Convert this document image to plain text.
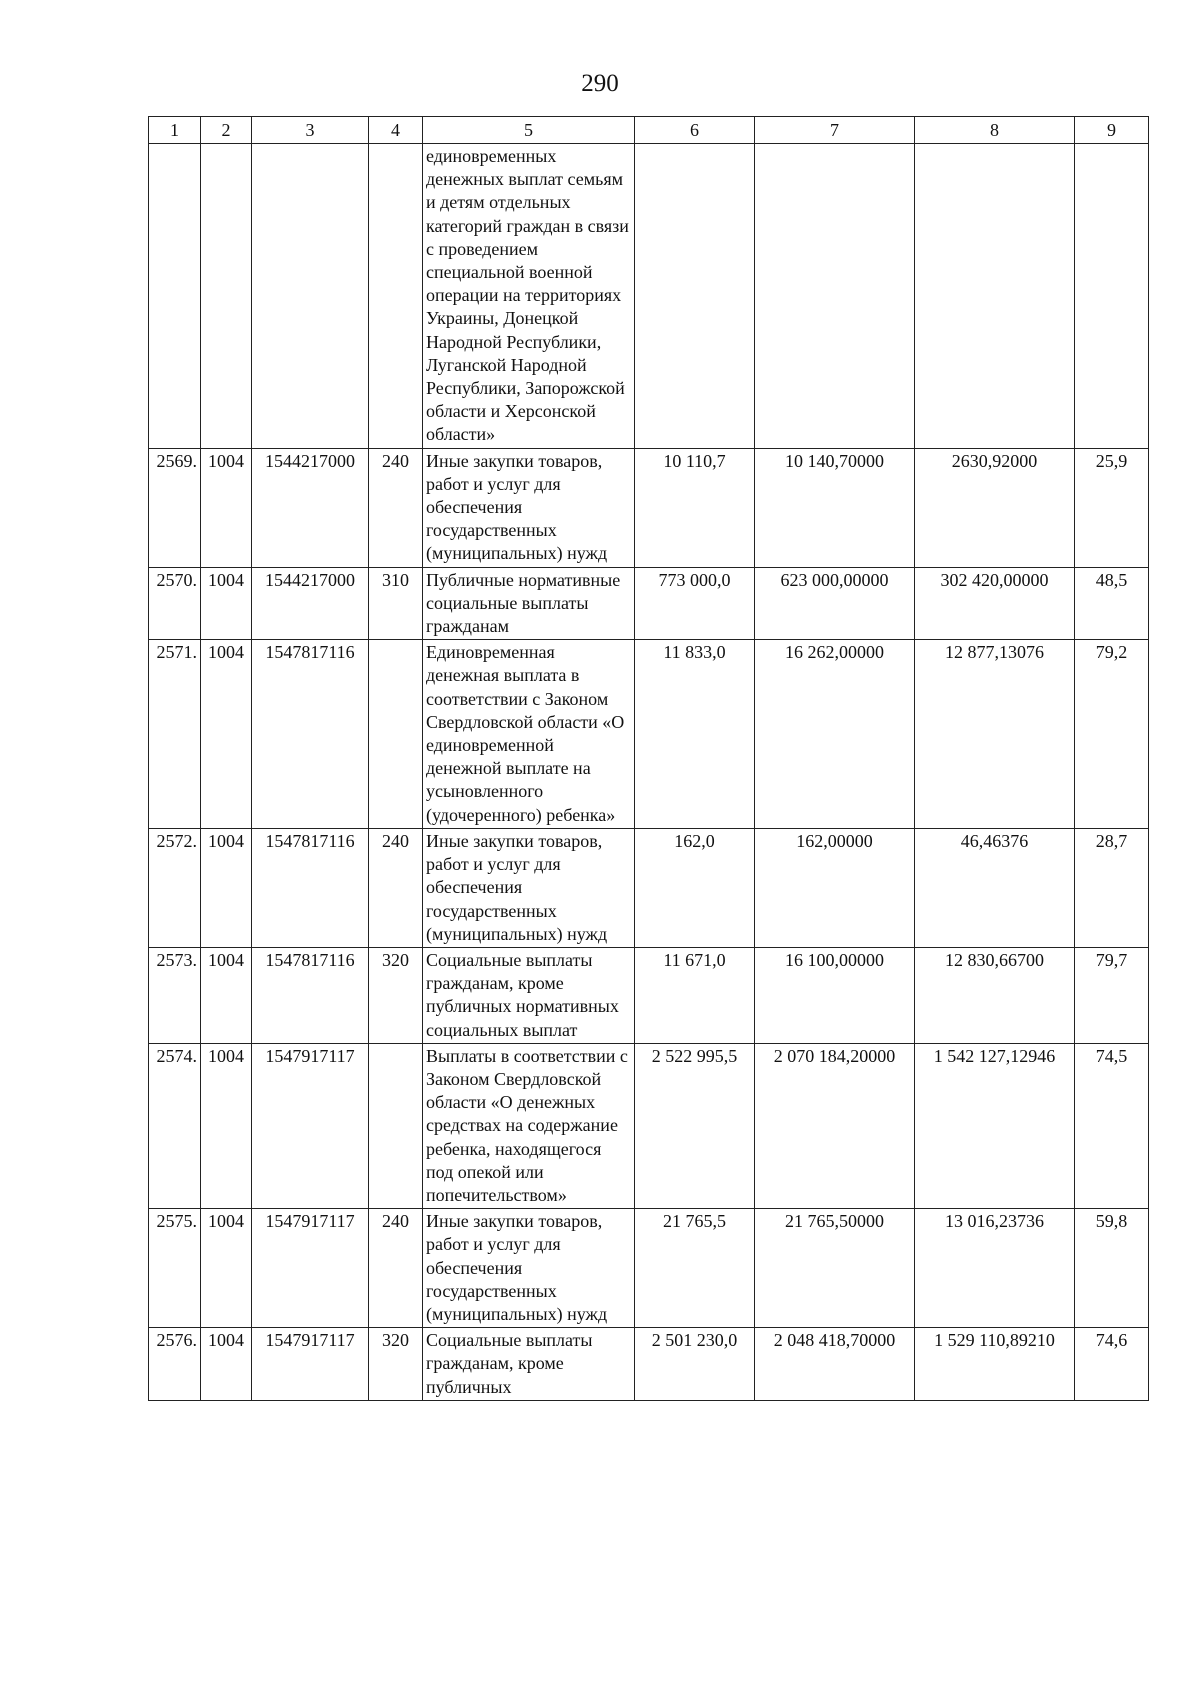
290
1	2	3	4	5	6	7	8	9
				единовременных денежных выплат семьям и детям отдельных категорий граждан в связи с проведением специальной военной операции на территориях Украины, Донецкой Народной Республики, Луганской Народной Республики, Запорожской области и Херсонской области»				
2569.	1004	1544217000	240	Иные закупки товаров, работ и услуг для обеспечения государственных (муниципальных) нужд	10 110,7	10 140,70000	2630,92000	25,9
2570.	1004	1544217000	310	Публичные нормативные социальные выплаты гражданам	773 000,0	623 000,00000	302 420,00000	48,5
2571.	1004	1547817116		Единовременная денежная выплата в соответствии с Законом Свердловской области «О единовременной денежной выплате на усыновленного (удочеренного) ребенка»	11 833,0	16 262,00000	12 877,13076	79,2
2572.	1004	1547817116	240	Иные закупки товаров, работ и услуг для обеспечения государственных (муниципальных) нужд	162,0	162,00000	46,46376	28,7
2573.	1004	1547817116	320	Социальные выплаты гражданам, кроме публичных нормативных социальных выплат	11 671,0	16 100,00000	12 830,66700	79,7
2574.	1004	1547917117		Выплаты в соответствии с Законом Свердловской области «О денежных средствах на содержание ребенка, находящегося под опекой или попечительством»	2 522 995,5	2 070 184,20000	1 542 127,12946	74,5
2575.	1004	1547917117	240	Иные закупки товаров, работ и услуг для обеспечения государственных (муниципальных) нужд	21 765,5	21 765,50000	13 016,23736	59,8
2576.	1004	1547917117	320	Социальные выплаты гражданам, кроме публичных	2 501 230,0	2 048 418,70000	1 529 110,89210	74,6
